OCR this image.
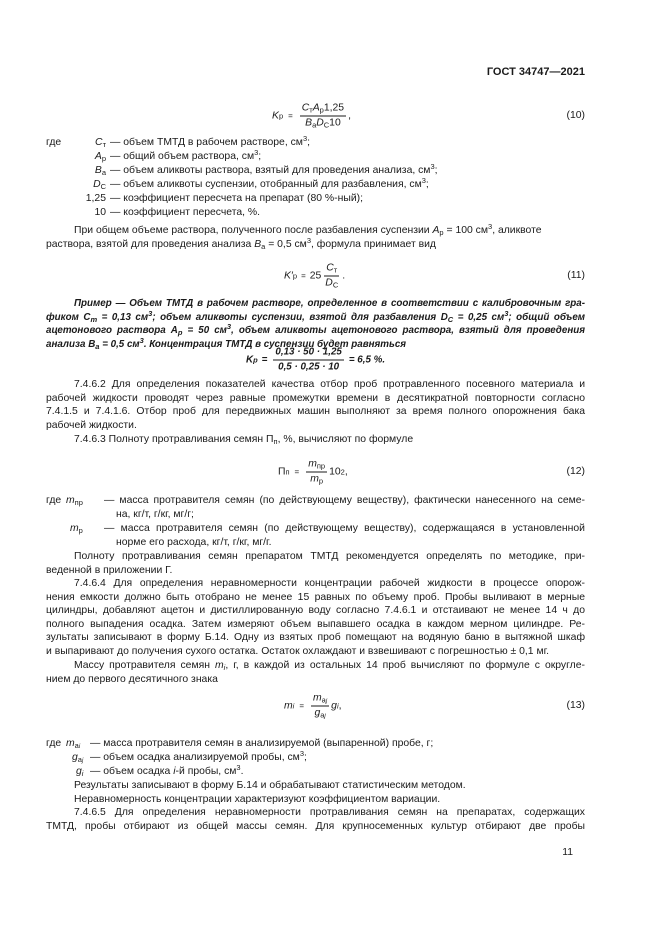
ГОСТ 34747—2021
K $р = \frac{C_тA_р1,25}{B_аD_С10}$ ,	(10)
где	$C_т$ — объем ТМТД в рабочем растворе, $см^3$;
$A_р$ — общий объем раствора, $см^3$;
$B_а$ — объем аликвоты раствора, взятый для проведения анализа, $см^3$;
$D_С$ — объем аликвоты суспензии, отобранный для разбавления, $см^3$;
1,25 — коэффициент пересчета на препарат (80 %-ный);
10 — коэффициент пересчета, %.
При общем объеме раствора, полученного после разбавления суспензии $A_р = 100$ $см^3$, аликвоте
раствора, взятой для проведения анализа $B_а = 0,5$ $см^3$, формула принимает вид
K′ $р = 25 \frac{C_т}{D_С}$ .	(11)
Пример — Объем ТМТД в рабочем растворе, определенное в соответствии с калибровочным гра-
фиком $C_т = 0,13$ $см^3$; объем аликвоты суспензии, взятой для разбавления $D_С = 0,25$ $см^3$; общий объем
ацетонового раствора $A_р = 50$ $см^3$, объем аликвоты ацетонового раствора, взятый для проведения
анализа $B_а = 0,5$ $см^3$. Концентрация ТМТД в суспензии будет равняться
K $р = \frac{0,13 \cdot 50 \cdot 1,25}{0,5 \cdot 0,25 \cdot 10} = 6,5$ %.
7.4.6.2 Для определения показателей качества отбор проб протравленного посевного материала и
рабочей жидкости проводят через равные промежутки времени в десятикратной повторности согласно
7.4.1.5 и 7.4.1.6. Отбор проб для передвижных машин выполняют за время полного опорожнения бака
рабочей жидкости.
7.4.6.3 Полноту протравливания семян $П_п$, %, вычисляют по формуле
П $п = \frac{m_{пр}}{m_р} 10$ 2 ,	(12)
где $m_{пр}$ — масса протравителя семян (по действующему веществу), фактически нанесенного на семе-
на, кг/т, г/кг, мг/г;
$m_р$ — масса протравителя семян (по действующему веществу), содержащаяся в установленной
норме его расхода, кг/т, г/кг, мг/г.
Полноту протравливания семян препаратом ТМТД рекомендуется определять по методике, при-
веденной в приложении Г.
7.4.6.4 Для определения неравномерности концентрации рабочей жидкости в процессе опорож-
нения емкости должно быть отобрано не менее 15 равных по объему проб. Пробы выливают в мерные
цилиндры, добавляют ацетон и дистиллированную воду согласно 7.4.6.1 и отстаивают не менее 14 ч до
полного выпадения осадка. Затем измеряют объем выпавшего осадка в каждом мерном цилиндре. Ре-
зультаты записывают в форму Б.14. Одну из взятых проб помещают на водяную баню в вытяжной шкаф
и выпаривают до получения сухого остатка. Остаток охлаждают и взвешивают с погрешностью ± 0,1 мг.
Массу протравителя семян $m_i$, г, в каждой из остальных 14 проб вычисляют по формуле с округле-
нием до первого десятичного знака
m $i = \frac{m_{aj}}{g_{aj}}$ g i ,	(13)
где $m_{ai}$ — масса протравителя семян в анализируемой (выпаренной) пробе, г;
$g_{aj}$ — объем осадка анализируемой пробы, $см^3$;
$g_i$ — объем осадка i-й пробы, $см^3$.
Результаты записывают в форму Б.14 и обрабатывают статистическим методом.
Неравномерность концентрации характеризуют коэффициентом вариации.
7.4.6.5 Для определения неравномерности протравливания семян на препаратах, содержащих
ТМТД, пробы отбирают из общей массы семян. Для крупносеменных культур отбирают две пробы
11
